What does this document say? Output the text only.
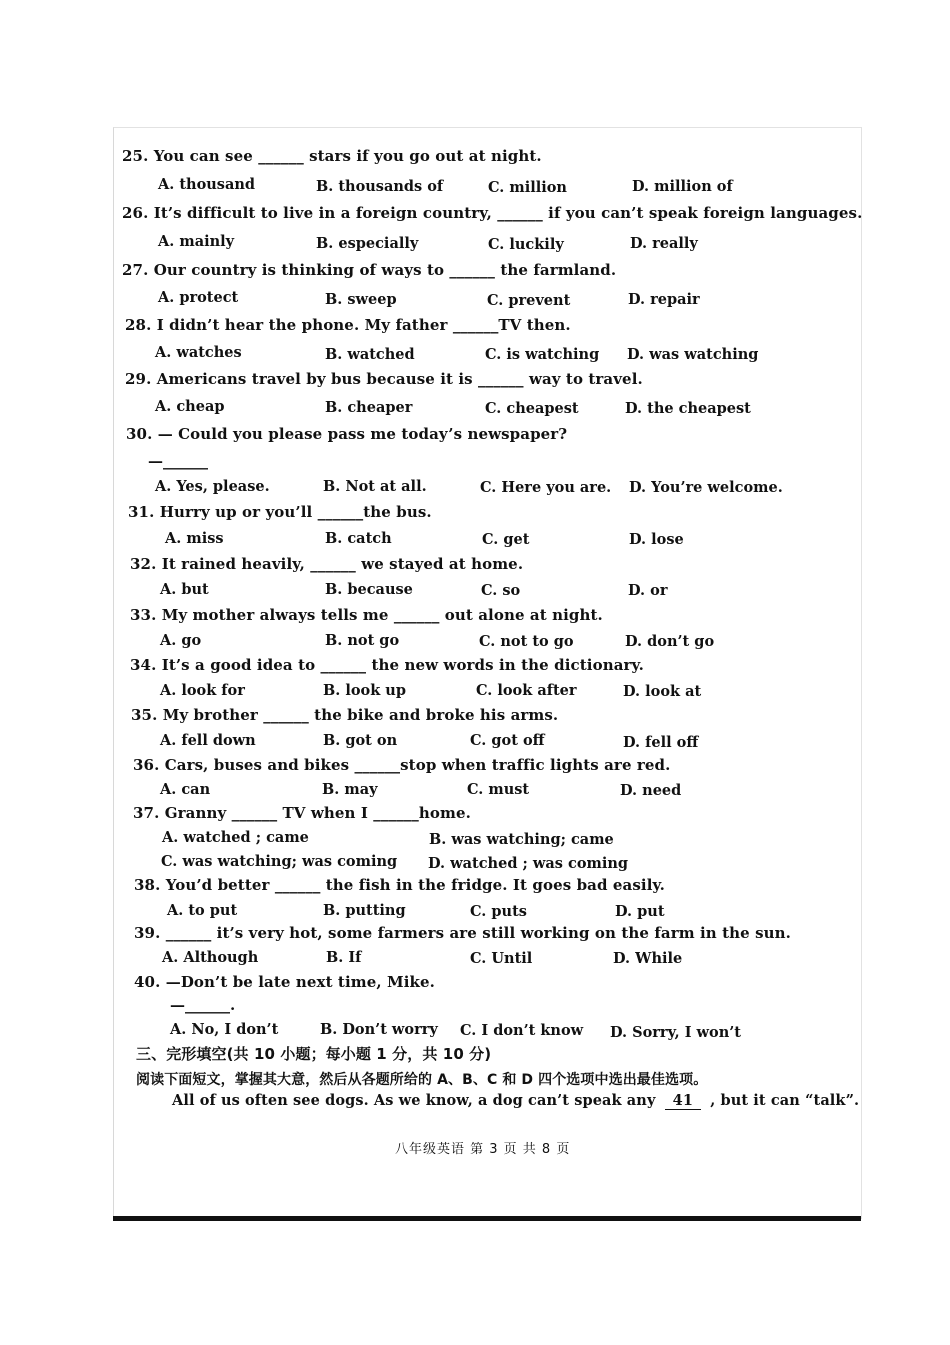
25. You can see ______ stars if you go out at night.
A. thousand	B. thousands of	C. million	D. million of
26. It’s difficult to live in a foreign country, ______ if you can’t speak foreign languages.
A. mainly	B. especially	C. luckily	D. really
27. Our country is thinking of ways to ______ the farmland.
A. protect	B. sweep	C. prevent	D. repair
28. I didn’t hear the phone. My father ______TV then.
A. watches	B. watched	C. is watching D. was watching
29. Americans travel by bus because it is ______ way to travel.
A. cheap	B. cheaper	C. cheapest	D. the cheapest
30. — Could you please pass me today’s newspaper?
—______
A. Yes, please.	B. Not at all.	C. Here you are. D. You’re welcome.
31. Hurry up or you’ll ______the bus.
A. miss	B. catch	C. get	D. lose
32. It rained heavily, ______ we stayed at home.
A. but	B. because	C. so	D. or
33. My mother always tells me ______ out alone at night.
A. go	B. not go	C. not to go	D. don’t go
34. It’s a good idea to ______ the new words in the dictionary.
A. look for	B. look up	C. look after	D. look at
35. My brother ______ the bike and broke his arms.
A. fell down	B. got on	C. got off	D. fell off
36. Cars, buses and bikes ______stop when traffic lights are red.
A. can	B. may	C. must	D. need
37. Granny ______ TV when I ______home.
A. watched ; came	B. was watching; came
C. was watching; was coming D. watched ; was coming
38. You’d better ______ the fish in the fridge. It goes bad easily.
A. to put	B. putting	C. puts	D. put
39. ______ it’s very hot, some farmers are still working on the farm in the sun.
A. Although	B. If	C. Until	D. While
40. —Don’t be late next time, Mike.
—______.
A. No, I don’t	B. Don’t worry C. I don’t know D. Sorry, I won’t
三、完形填空(共 10 小题；每小题 1 分，共 10 分)
阅读下面短文，掌握其大意，然后从各题所给的 A、B、C 和 D 四个选项中选出最佳选项。
All of us often see dogs. As we know, a dog can’t speak any 41 , but it can “talk”.
八年级英语 第 3 页 共 8 页
